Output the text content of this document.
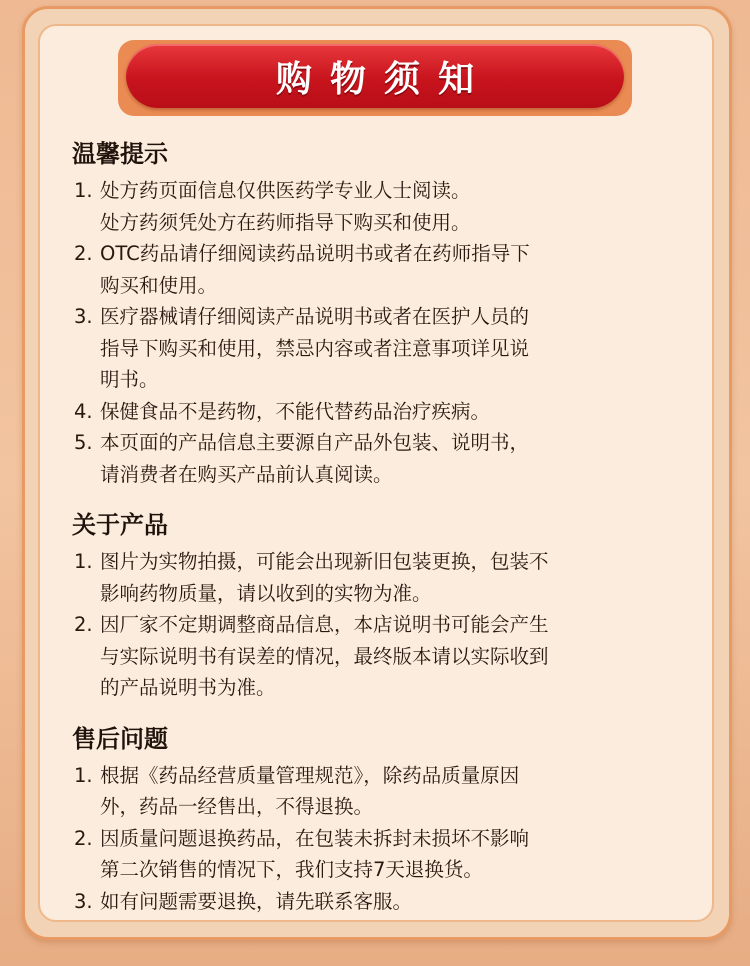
购物须知
温馨提示
1. 处方药页面信息仅供医药学专业人士阅读。
处方药须凭处方在药师指导下购买和使用。
2. OTC药品请仔细阅读药品说明书或者在药师指导下
购买和使用。
3. 医疗器械请仔细阅读产品说明书或者在医护人员的
指导下购买和使用，禁忌内容或者注意事项详见说
明书。
4. 保健食品不是药物，不能代替药品治疗疾病。
5. 本页面的产品信息主要源自产品外包装、说明书，
请消费者在购买产品前认真阅读。
关于产品
1. 图片为实物拍摄，可能会出现新旧包装更换，包装不
影响药物质量，请以收到的实物为准。
2. 因厂家不定期调整商品信息，本店说明书可能会产生
与实际说明书有误差的情况，最终版本请以实际收到
的产品说明书为准。
售后问题
1. 根据《药品经营质量管理规范》，除药品质量原因
外，药品一经售出，不得退换。
2. 因质量问题退换药品，在包装未拆封未损坏不影响
第二次销售的情况下，我们支持7天退换货。
3. 如有问题需要退换，请先联系客服。
